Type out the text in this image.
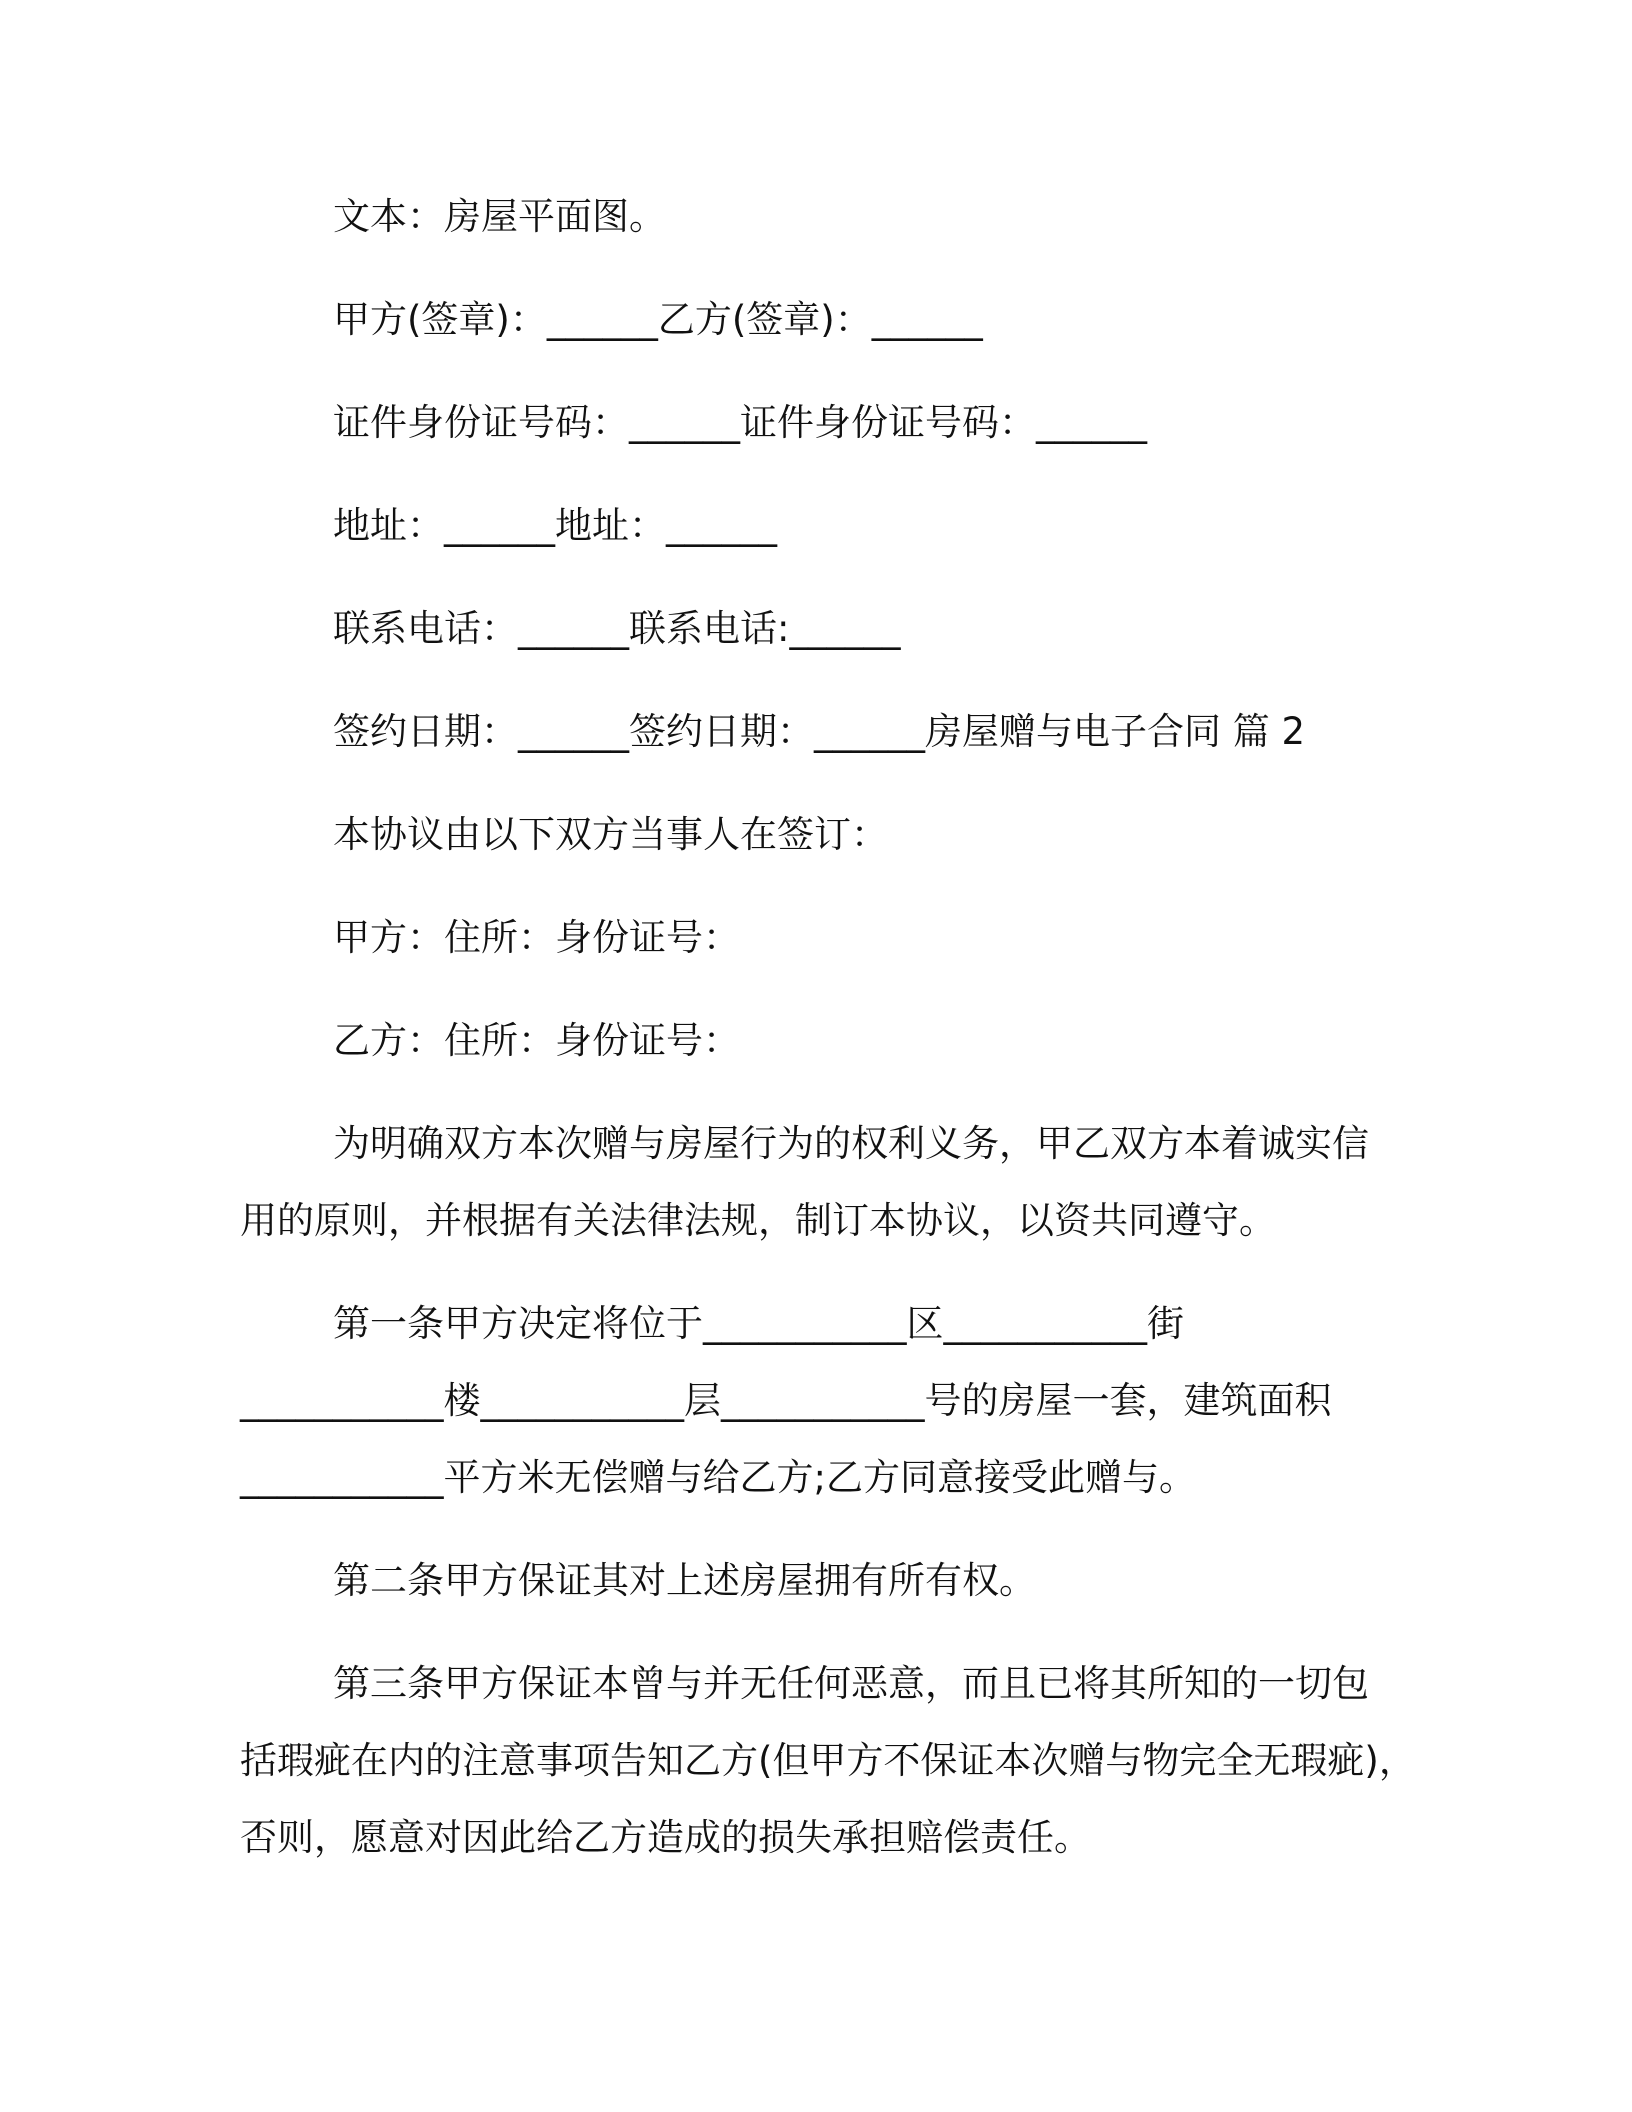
文本：房屋平面图。
甲方(签章)：______乙方(签章)：______
证件身份证号码：______证件身份证号码：______
地址：______地址：______
联系电话：______联系电话:______
签约日期：______签约日期：______房屋赠与电子合同 篇 2
本协议由以下双方当事人在签订：
甲方：住所：身份证号：
乙方：住所：身份证号：
为明确双方本次赠与房屋行为的权利义务，甲乙双方本着诚实信
用的原则，并根据有关法律法规，制订本协议，以资共同遵守。
第一条甲方决定将位于___________区___________街
___________楼___________层___________号的房屋一套，建筑面积
___________平方米无偿赠与给乙方;乙方同意接受此赠与。
第二条甲方保证其对上述房屋拥有所有权。
第三条甲方保证本曾与并无任何恶意，而且已将其所知的一切包
括瑕疵在内的注意事项告知乙方(但甲方不保证本次赠与物完全无瑕疵)，
否则，愿意对因此给乙方造成的损失承担赔偿责任。
